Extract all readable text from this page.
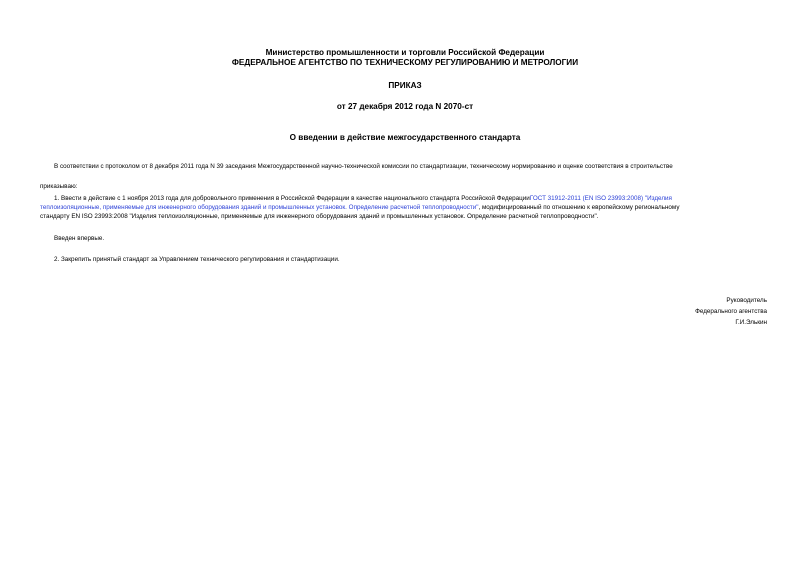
Министерство промышленности и торговли Российской Федерации
ФЕДЕРАЛЬНОЕ АГЕНТСТВО ПО ТЕХНИЧЕСКОМУ РЕГУЛИРОВАНИЮ И МЕТРОЛОГИИ
ПРИКАЗ
от 27 декабря 2012 года N 2070-ст
О введении в действие межгосударственного стандарта
В соответствии с протоколом от 8 декабря 2011 года N 39 заседания Межгосударственной научно-технической комиссии по стандартизации, техническому нормированию и оценке соответствия в строительстве
приказываю:
1. Ввести в действие с 1 ноября 2013 года для добровольного применения в Российской Федерации в качестве национального стандарта Российской ФедерацииГОСТ 31912-2011 (EN ISO 23993:2008) "Изделия
теплоизоляционные, применяемые для инженерного оборудования зданий и промышленных установок. Определение расчетной теплопроводности", модифицированный по отношению к европейскому региональному
стандарту EN ISO 23993:2008 "Изделия теплоизоляционные, применяемые для инженерного оборудования зданий и промышленных установок. Определение расчетной теплопроводности".
Введен впервые.
2. Закрепить принятый стандарт за Управлением технического регулирования и стандартизации.
Руководитель
Федерального агентства
Г.И.Элькин
